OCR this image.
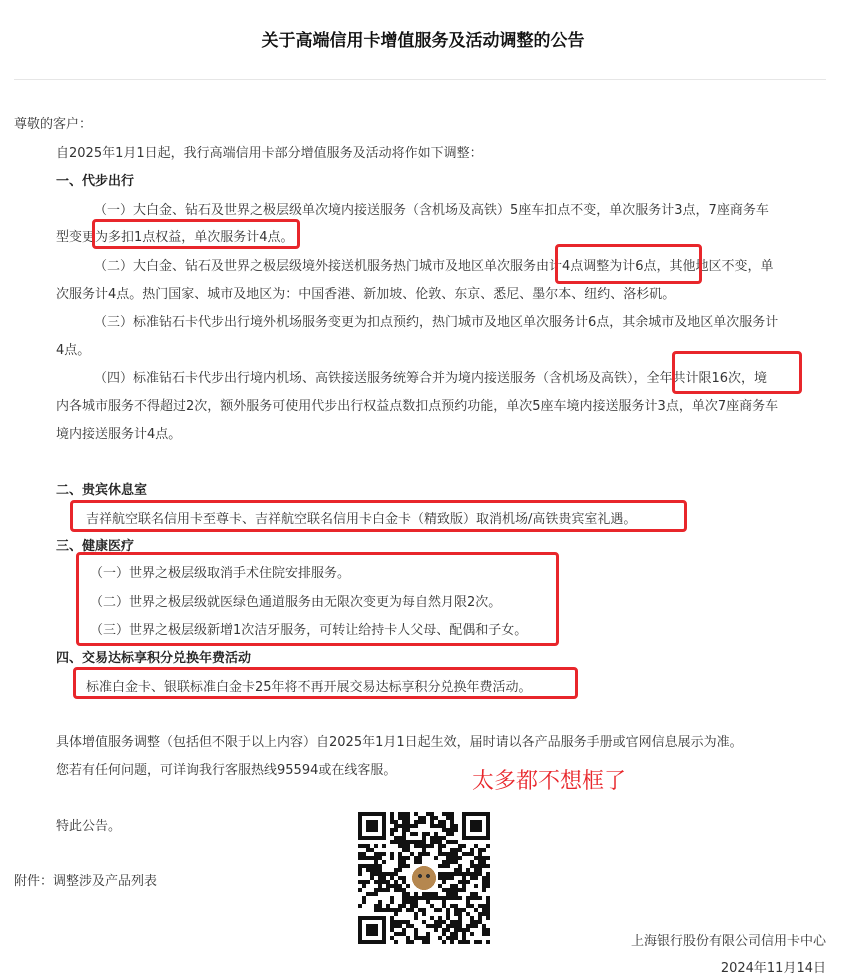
关于高端信用卡增值服务及活动调整的公告
尊敬的客户：
自2025年1月1日起，我行高端信用卡部分增值服务及活动将作如下调整：
一、代步出行
（一）大白金、钻石及世界之极层级单次境内接送服务（含机场及高铁）5座车扣点不变，单次服务计3点，7座商务车
型变更为多扣1点权益，单次服务计4点。
（二）大白金、钻石及世界之极层级境外接送机服务热门城市及地区单次服务由计4点调整为计6点，其他地区不变，单
次服务计4点。热门国家、城市及地区为：中国香港、新加坡、伦敦、东京、悉尼、墨尔本、纽约、洛杉矶。
（三）标准钻石卡代步出行境外机场服务变更为扣点预约，热门城市及地区单次服务计6点，其余城市及地区单次服务计
4点。
（四）标准钻石卡代步出行境内机场、高铁接送服务统筹合并为境内接送服务（含机场及高铁），全年共计限16次，境
内各城市服务不得超过2次，额外服务可使用代步出行权益点数扣点预约功能，单次5座车境内接送服务计3点，单次7座商务车
境内接送服务计4点。
二、贵宾休息室
吉祥航空联名信用卡至尊卡、吉祥航空联名信用卡白金卡（精致版）取消机场/高铁贵宾室礼遇。
三、健康医疗
（一）世界之极层级取消手术住院安排服务。
（二）世界之极层级就医绿色通道服务由无限次变更为每自然月限2次。
（三）世界之极层级新增1次洁牙服务，可转让给持卡人父母、配偶和子女。
四、交易达标享积分兑换年费活动
标准白金卡、银联标准白金卡25年将不再开展交易达标享积分兑换年费活动。
具体增值服务调整（包括但不限于以上内容）自2025年1月1日起生效，届时请以各产品服务手册或官网信息展示为准。
您若有任何问题，可详询我行客服热线95594或在线客服。
特此公告。
附件：调整涉及产品列表
太多都不想框了
上海银行股份有限公司信用卡中心
2024年11月14日
